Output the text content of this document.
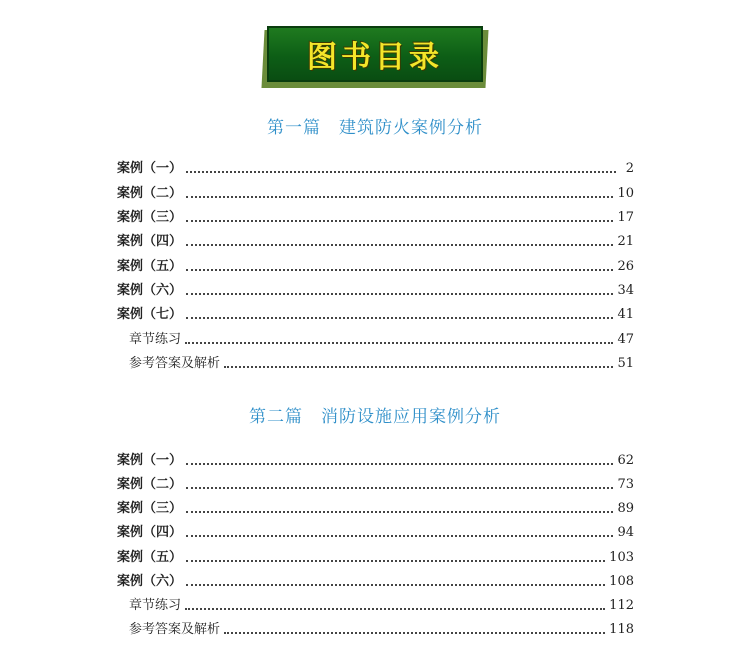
图书目录
第一篇 建筑防火案例分析
案例（一）	2
案例（二）	10
案例（三）	17
案例（四）	21
案例（五）	26
案例（六）	34
案例（七）	41
章节练习	47
参考答案及解析	51
第二篇 消防设施应用案例分析
案例（一）	62
案例（二）	73
案例（三）	89
案例（四）	94
案例（五）	103
案例（六）	108
章节练习	112
参考答案及解析	118
